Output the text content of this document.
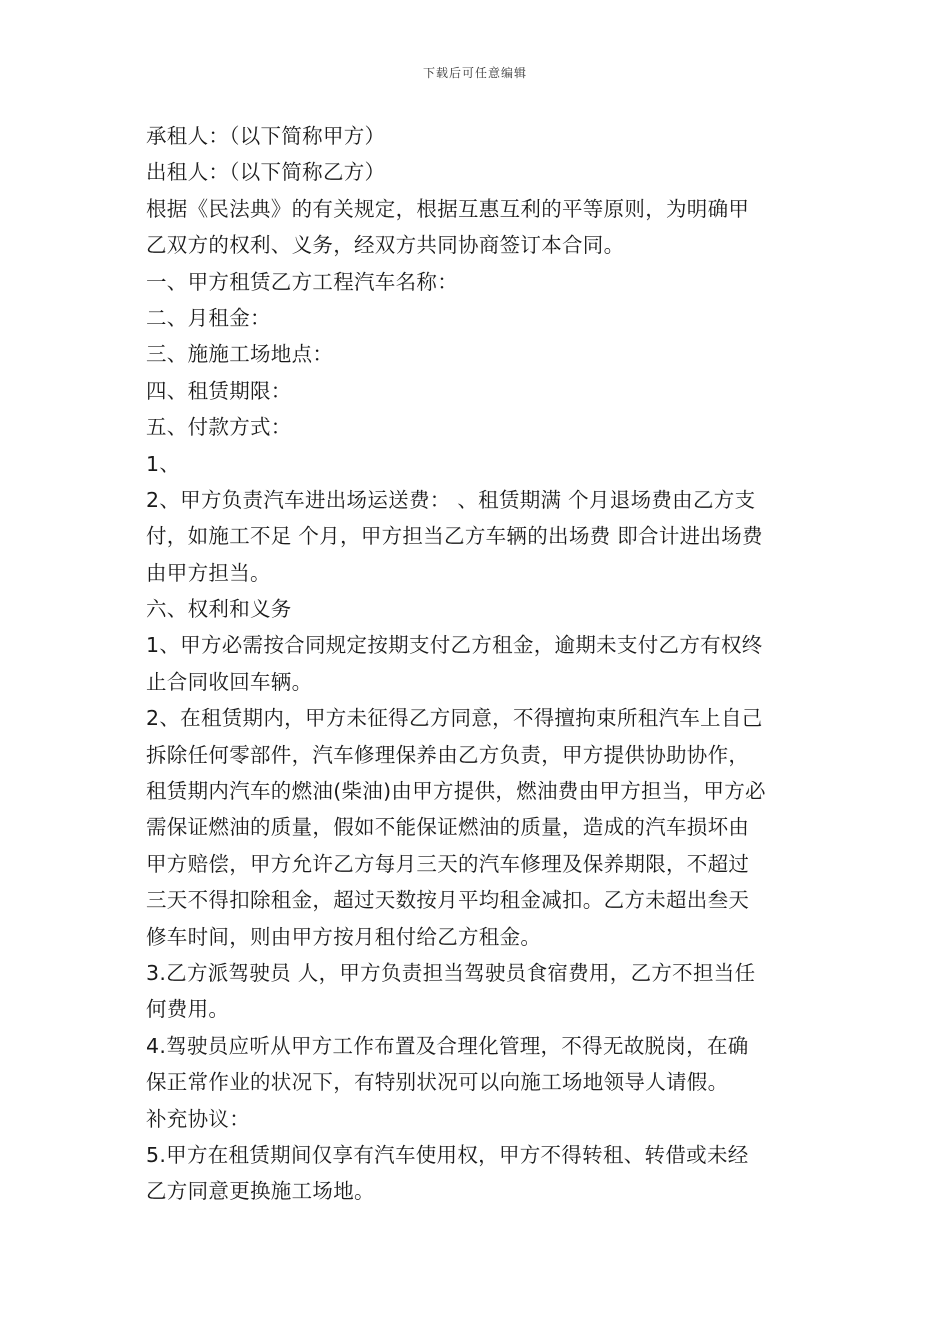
下载后可任意编辑
承租人：（以下简称甲方）
出租人：（以下简称乙方）
根据《民法典》的有关规定，根据互惠互利的平等原则，为明确甲
乙双方的权利、义务，经双方共同协商签订本合同。
一、甲方租赁乙方工程汽车名称：
二、月租金：
三、施施工场地点：
四、租赁期限：
五、付款方式：
1、
2、甲方负责汽车进出场运送费： 、租赁期满 个月退场费由乙方支
付，如施工不足 个月，甲方担当乙方车辆的出场费 即合计进出场费
由甲方担当。
六、权利和义务
1、甲方必需按合同规定按期支付乙方租金，逾期未支付乙方有权终
止合同收回车辆。
2、在租赁期内，甲方未征得乙方同意，不得擅拘束所租汽车上自己
拆除任何零部件，汽车修理保养由乙方负责，甲方提供协助协作，
租赁期内汽车的燃油(柴油)由甲方提供，燃油费由甲方担当，甲方必
需保证燃油的质量，假如不能保证燃油的质量，造成的汽车损坏由
甲方赔偿，甲方允许乙方每月三天的汽车修理及保养期限，不超过
三天不得扣除租金，超过天数按月平均租金减扣。乙方未超出叁天
修车时间，则由甲方按月租付给乙方租金。
3.乙方派驾驶员 人，甲方负责担当驾驶员食宿费用，乙方不担当任
何费用。
4.驾驶员应听从甲方工作布置及合理化管理，不得无故脱岗，在确
保正常作业的状况下，有特别状况可以向施工场地领导人请假。
补充协议：
5.甲方在租赁期间仅享有汽车使用权，甲方不得转租、转借或未经
乙方同意更换施工场地。
